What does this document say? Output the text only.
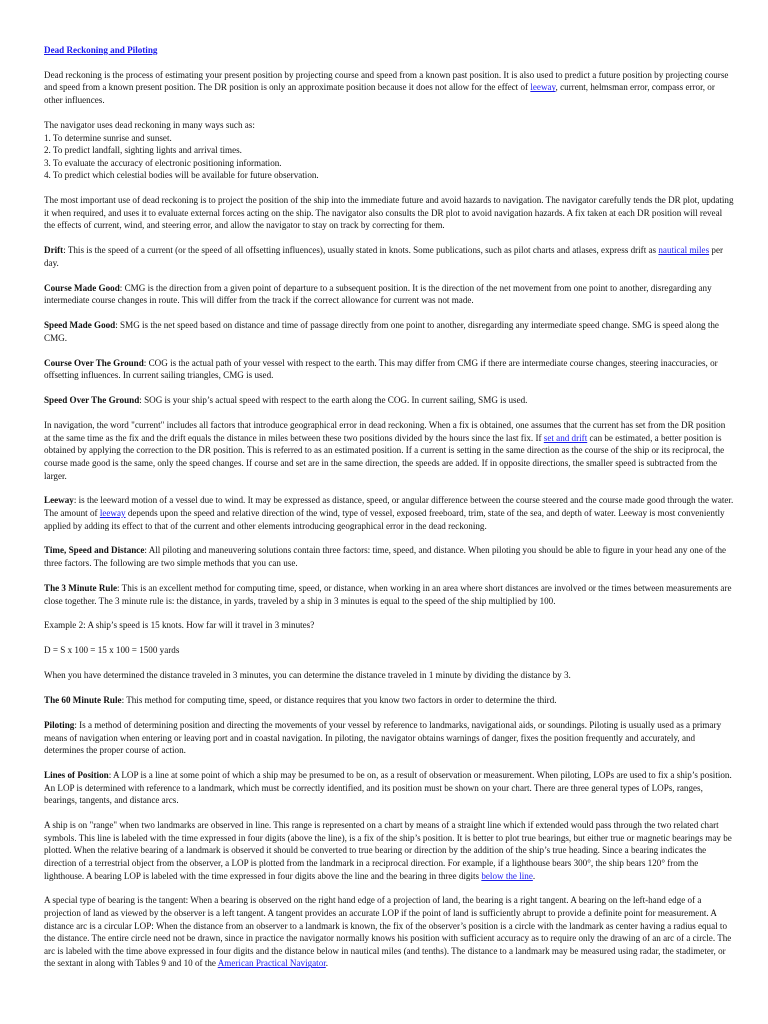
Dead Reckoning and Piloting

Dead reckoning is the process of estimating your present position by projecting course and speed from a known past position. It is also used to predict a future position by projecting course and speed from a known present position. The DR position is only an approximate position because it does not allow for the effect of leeway, current, helmsman error, compass error, or other influences.

The navigator uses dead reckoning in many ways such as:
1. To determine sunrise and sunset.
2. To predict landfall, sighting lights and arrival times.
3. To evaluate the accuracy of electronic positioning information.
4. To predict which celestial bodies will be available for future observation.

The most important use of dead reckoning is to project the position of the ship into the immediate future and avoid hazards to navigation. The navigator carefully tends the DR plot, updating it when required, and uses it to evaluate external forces acting on the ship. The navigator also consults the DR plot to avoid navigation hazards. A fix taken at each DR position will reveal the effects of current, wind, and steering error, and allow the navigator to stay on track by correcting for them.

Drift: This is the speed of a current (or the speed of all offsetting influences), usually stated in knots. Some publications, such as pilot charts and atlases, express drift as nautical miles per day.

Course Made Good: CMG is the direction from a given point of departure to a subsequent position. It is the direction of the net movement from one point to another, disregarding any intermediate course changes in route. This will differ from the track if the correct allowance for current was not made.

Speed Made Good: SMG is the net speed based on distance and time of passage directly from one point to another, disregarding any intermediate speed change. SMG is speed along the CMG.

Course Over The Ground: COG is the actual path of your vessel with respect to the earth. This may differ from CMG if there are intermediate course changes, steering inaccuracies, or offsetting influences. In current sailing triangles, CMG is used.

Speed Over The Ground: SOG is your ship’s actual speed with respect to the earth along the COG. In current sailing, SMG is used.

In navigation, the word "current" includes all factors that introduce geographical error in dead reckoning. When a fix is obtained, one assumes that the current has set from the DR position at the same time as the fix and the drift equals the distance in miles between these two positions divided by the hours since the last fix. If set and drift can be estimated, a better position is obtained by applying the correction to the DR position. This is referred to as an estimated position. If a current is setting in the same direction as the course of the ship or its reciprocal, the course made good is the same, only the speed changes. If course and set are in the same direction, the speeds are added. If in opposite directions, the smaller speed is subtracted from the larger.

Leeway: is the leeward motion of a vessel due to wind. It may be expressed as distance, speed, or angular difference between the course steered and the course made good through the water. The amount of leeway depends upon the speed and relative direction of the wind, type of vessel, exposed freeboard, trim, state of the sea, and depth of water. Leeway is most conveniently applied by adding its effect to that of the current and other elements introducing geographical error in the dead reckoning.

Time, Speed and Distance: All piloting and maneuvering solutions contain three factors: time, speed, and distance. When piloting you should be able to figure in your head any one of the three factors. The following are two simple methods that you can use.

The 3 Minute Rule: This is an excellent method for computing time, speed, or distance, when working in an area where short distances are involved or the times between measurements are close together. The 3 minute rule is: the distance, in yards, traveled by a ship in 3 minutes is equal to the speed of the ship multiplied by 100.

Example 2: A ship’s speed is 15 knots. How far will it travel in 3 minutes?

D = S x 100 = 15 x 100 = 1500 yards

When you have determined the distance traveled in 3 minutes, you can determine the distance traveled in 1 minute by dividing the distance by 3.

The 60 Minute Rule: This method for computing time, speed, or distance requires that you know two factors in order to determine the third.

Piloting: Is a method of determining position and directing the movements of your vessel by reference to landmarks, navigational aids, or soundings. Piloting is usually used as a primary means of navigation when entering or leaving port and in coastal navigation. In piloting, the navigator obtains warnings of danger, fixes the position frequently and accurately, and determines the proper course of action.

Lines of Position: A LOP is a line at some point of which a ship may be presumed to be on, as a result of observation or measurement. When piloting, LOPs are used to fix a ship’s position. An LOP is determined with reference to a landmark, which must be correctly identified, and its position must be shown on your chart. There are three general types of LOPs, ranges, bearings, tangents, and distance arcs.

A ship is on "range" when two landmarks are observed in line. This range is represented on a chart by means of a straight line which if extended would pass through the two related chart symbols. This line is labeled with the time expressed in four digits (above the line), is a fix of the ship’s position. It is better to plot true bearings, but either true or magnetic bearings may be plotted. When the relative bearing of a landmark is observed it should be converted to true bearing or direction by the addition of the ship’s true heading. Since a bearing indicates the direction of a terrestrial object from the observer, a LOP is plotted from the landmark in a reciprocal direction. For example, if a lighthouse bears 300°, the ship bears 120° from the lighthouse. A bearing LOP is labeled with the time expressed in four digits above the line and the bearing in three digits below the line.

A special type of bearing is the tangent: When a bearing is observed on the right hand edge of a projection of land, the bearing is a right tangent. A bearing on the left-hand edge of a projection of land as viewed by the observer is a left tangent. A tangent provides an accurate LOP if the point of land is sufficiently abrupt to provide a definite point for measurement. A distance arc is a circular LOP: When the distance from an observer to a landmark is known, the fix of the observer’s position is a circle with the landmark as center having a radius equal to the distance. The entire circle need not be drawn, since in practice the navigator normally knows his position with sufficient accuracy as to require only the drawing of an arc of a circle. The arc is labeled with the time above expressed in four digits and the distance below in nautical miles (and tenths). The distance to a landmark may be measured using radar, the stadimeter, or the sextant in along with Tables 9 and 10 of the American Practical Navigator.
